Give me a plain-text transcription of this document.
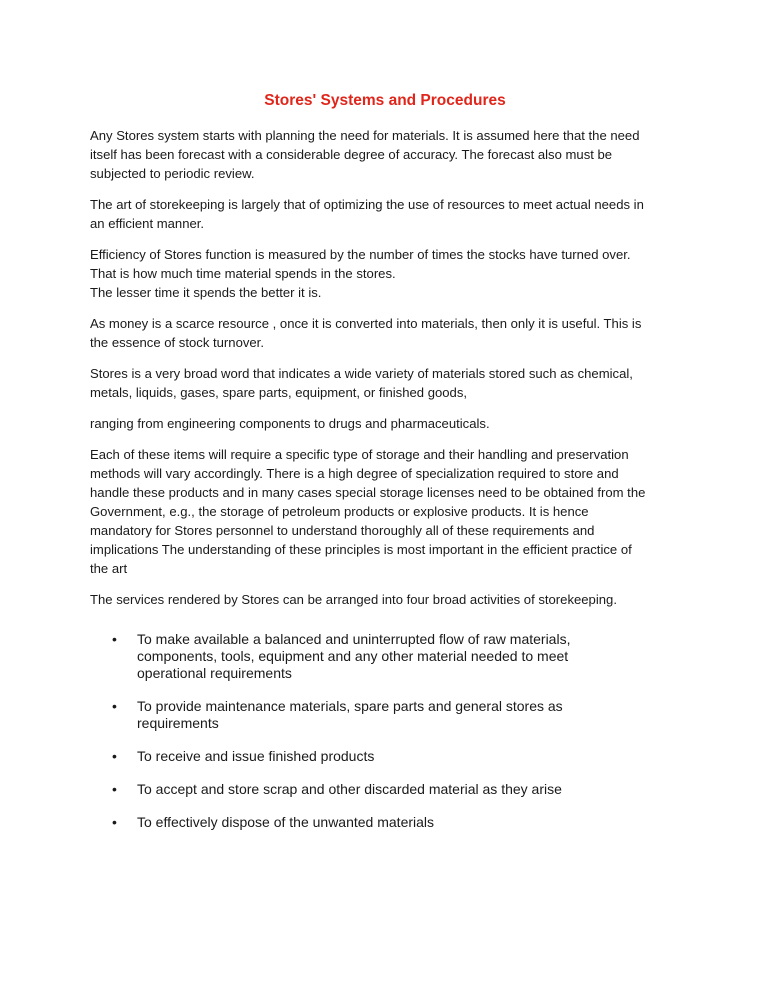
Stores' Systems and Procedures

Any Stores system starts with planning the need for materials. It is assumed here that the need
itself has been forecast with a considerable degree of accuracy. The forecast also must be
subjected to periodic review.

The art of storekeeping is largely that of optimizing the use of resources to meet actual needs in
an efficient manner.

Efficiency of Stores function is measured by the number of times the stocks have turned over.
That is how much time material spends in the stores.
The lesser time it spends the better it is.

As money is a scarce resource , once it is converted into materials, then only it is useful. This is
the essence of stock turnover.

Stores is a very broad word that indicates a wide variety of materials stored such as chemical,
metals, liquids, gases, spare parts, equipment, or finished goods,

ranging from engineering components to drugs and pharmaceuticals.

Each of these items will require a specific type of storage and their handling and preservation
methods will vary accordingly. There is a high degree of specialization required to store and
handle these products and in many cases special storage licenses need to be obtained from the
Government, e.g., the storage of petroleum products or explosive products. It is hence
mandatory for Stores personnel to understand thoroughly all of these requirements and
implications The understanding of these principles is most important in the efficient practice of
the art

The services rendered by Stores can be arranged into four broad activities of storekeeping.

• To make available a balanced and uninterrupted flow of raw materials,
components, tools, equipment and any other material needed to meet
operational requirements
• To provide maintenance materials, spare parts and general stores as
requirements
• To receive and issue finished products
• To accept and store scrap and other discarded material as they arise
• To effectively dispose of the unwanted materials
